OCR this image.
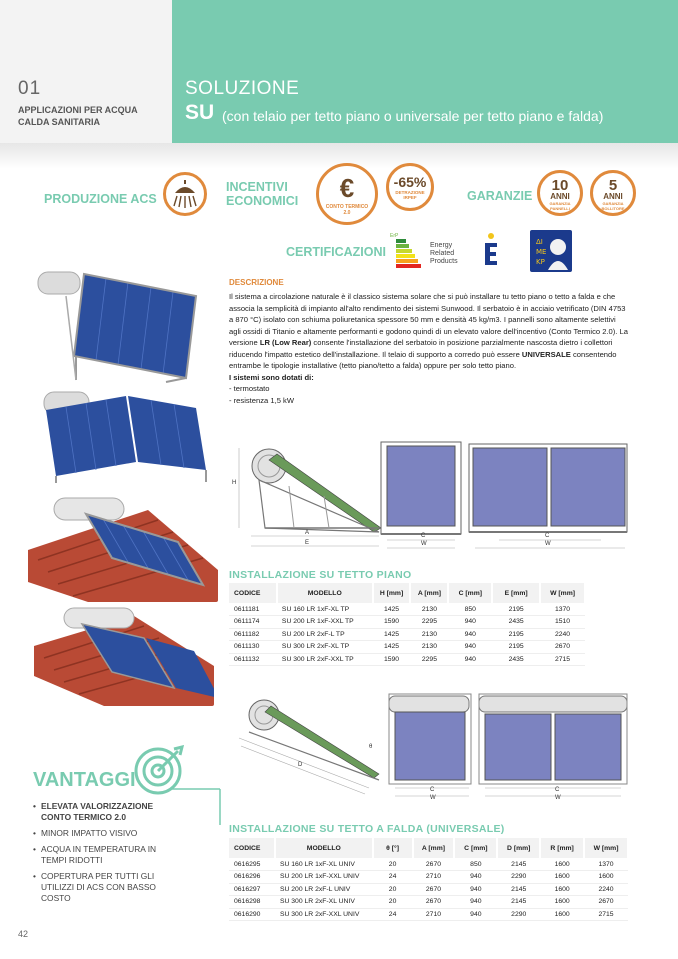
01
APPLICAZIONI PER ACQUA CALDA SANITARIA
SOLUZIONE
SU (con telaio per tetto piano o universale per tetto piano e falda)
PRODUZIONE ACS
INCENTIVI
ECONOMICI	€
CONTO TERMICO 2.0
-65%
DETRAZIONE IRPEF	GARANZIE
10
ANNI
GARANZIA PANNELLI
5
ANNI
GARANZIA BOLLITORE
CERTIFICAZIONI
ErP
Energy
Related
Products
ΔΙ
ΜΕ
ΚΡ
DESCRIZIONE

Il sistema a circolazione naturale è il classico sistema solare che si può installare tu tetto piano o tetto a falda e che associa la semplicità di impianto all'alto rendimento dei sistemi Sunwood. Il serbatoio è in acciaio vetrificato (DIN 4753 a 870 °C) isolato con schiuma poliuretanica spessore 50 mm e densità 45 kg/m3. I pannelli sono altamente selettivi agli ossidi di Titanio e altamente performanti e godono quindi di un elevato valore dell'incentivo (Conto Termico 2.0). La versione LR (Low Rear) consente l'installazione del serbatoio in posizione parzialmente nascosta dietro i collettori riducendo l'impatto estetico dell'installazione. Il telaio di supporto a corredo può essere UNIVERSALE consentendo entrambe le tipologie installative (tetto piano/tetto a falda) oppure per solo tetto piano.

I sistemi sono dotati di:

- termostato

- resistenza 1,5 kW

H
A
E
C
W
C
W
INSTALLAZIONE SU TETTO PIANO
CODICE	MODELLO	H [mm]	A [mm]	C [mm]	E [mm]	W [mm]
0611181	SU 160 LR 1xF-XL TP	1425	2130	850	2195	1370
0611174	SU 200 LR 1xF-XXL TP	1590	2295	940	2435	1510
0611182	SU 200 LR 2xF-L TP	1425	2130	940	2195	2240
0611130	SU 300 LR 2xF-XL TP	1425	2130	940	2195	2670
0611132	SU 300 LR 2xF-XXL TP	1590	2295	940	2435	2715
D
θ
C
W
C
W
INSTALLAZIONE SU TETTO A FALDA (UNIVERSALE)
CODICE	MODELLO	θ [°]	A [mm]	C [mm]	D [mm]	R [mm]	W [mm]
0616295	SU 160 LR 1xF-XL UNIV	20	2670	850	2145	1600	1370
0616296	SU 200 LR 1xF-XXL UNIV	24	2710	940	2290	1600	1600
0616297	SU 200 LR 2xF-L UNIV	20	2670	940	2145	1600	2240
0616298	SU 300 LR 2xF-XL UNIV	20	2670	940	2145	1600	2670
0616290	SU 300 LR 2xF-XXL UNIV	24	2710	940	2290	1600	2715
VANTAGGI
• ELEVATA VALORIZZAZIONE CONTO TERMICO 2.0
• MINOR IMPATTO VISIVO
• ACQUA IN TEMPERATURA IN TEMPI RIDOTTI
• COPERTURA PER TUTTI GLI UTILIZZI DI ACS CON BASSO COSTO
42
